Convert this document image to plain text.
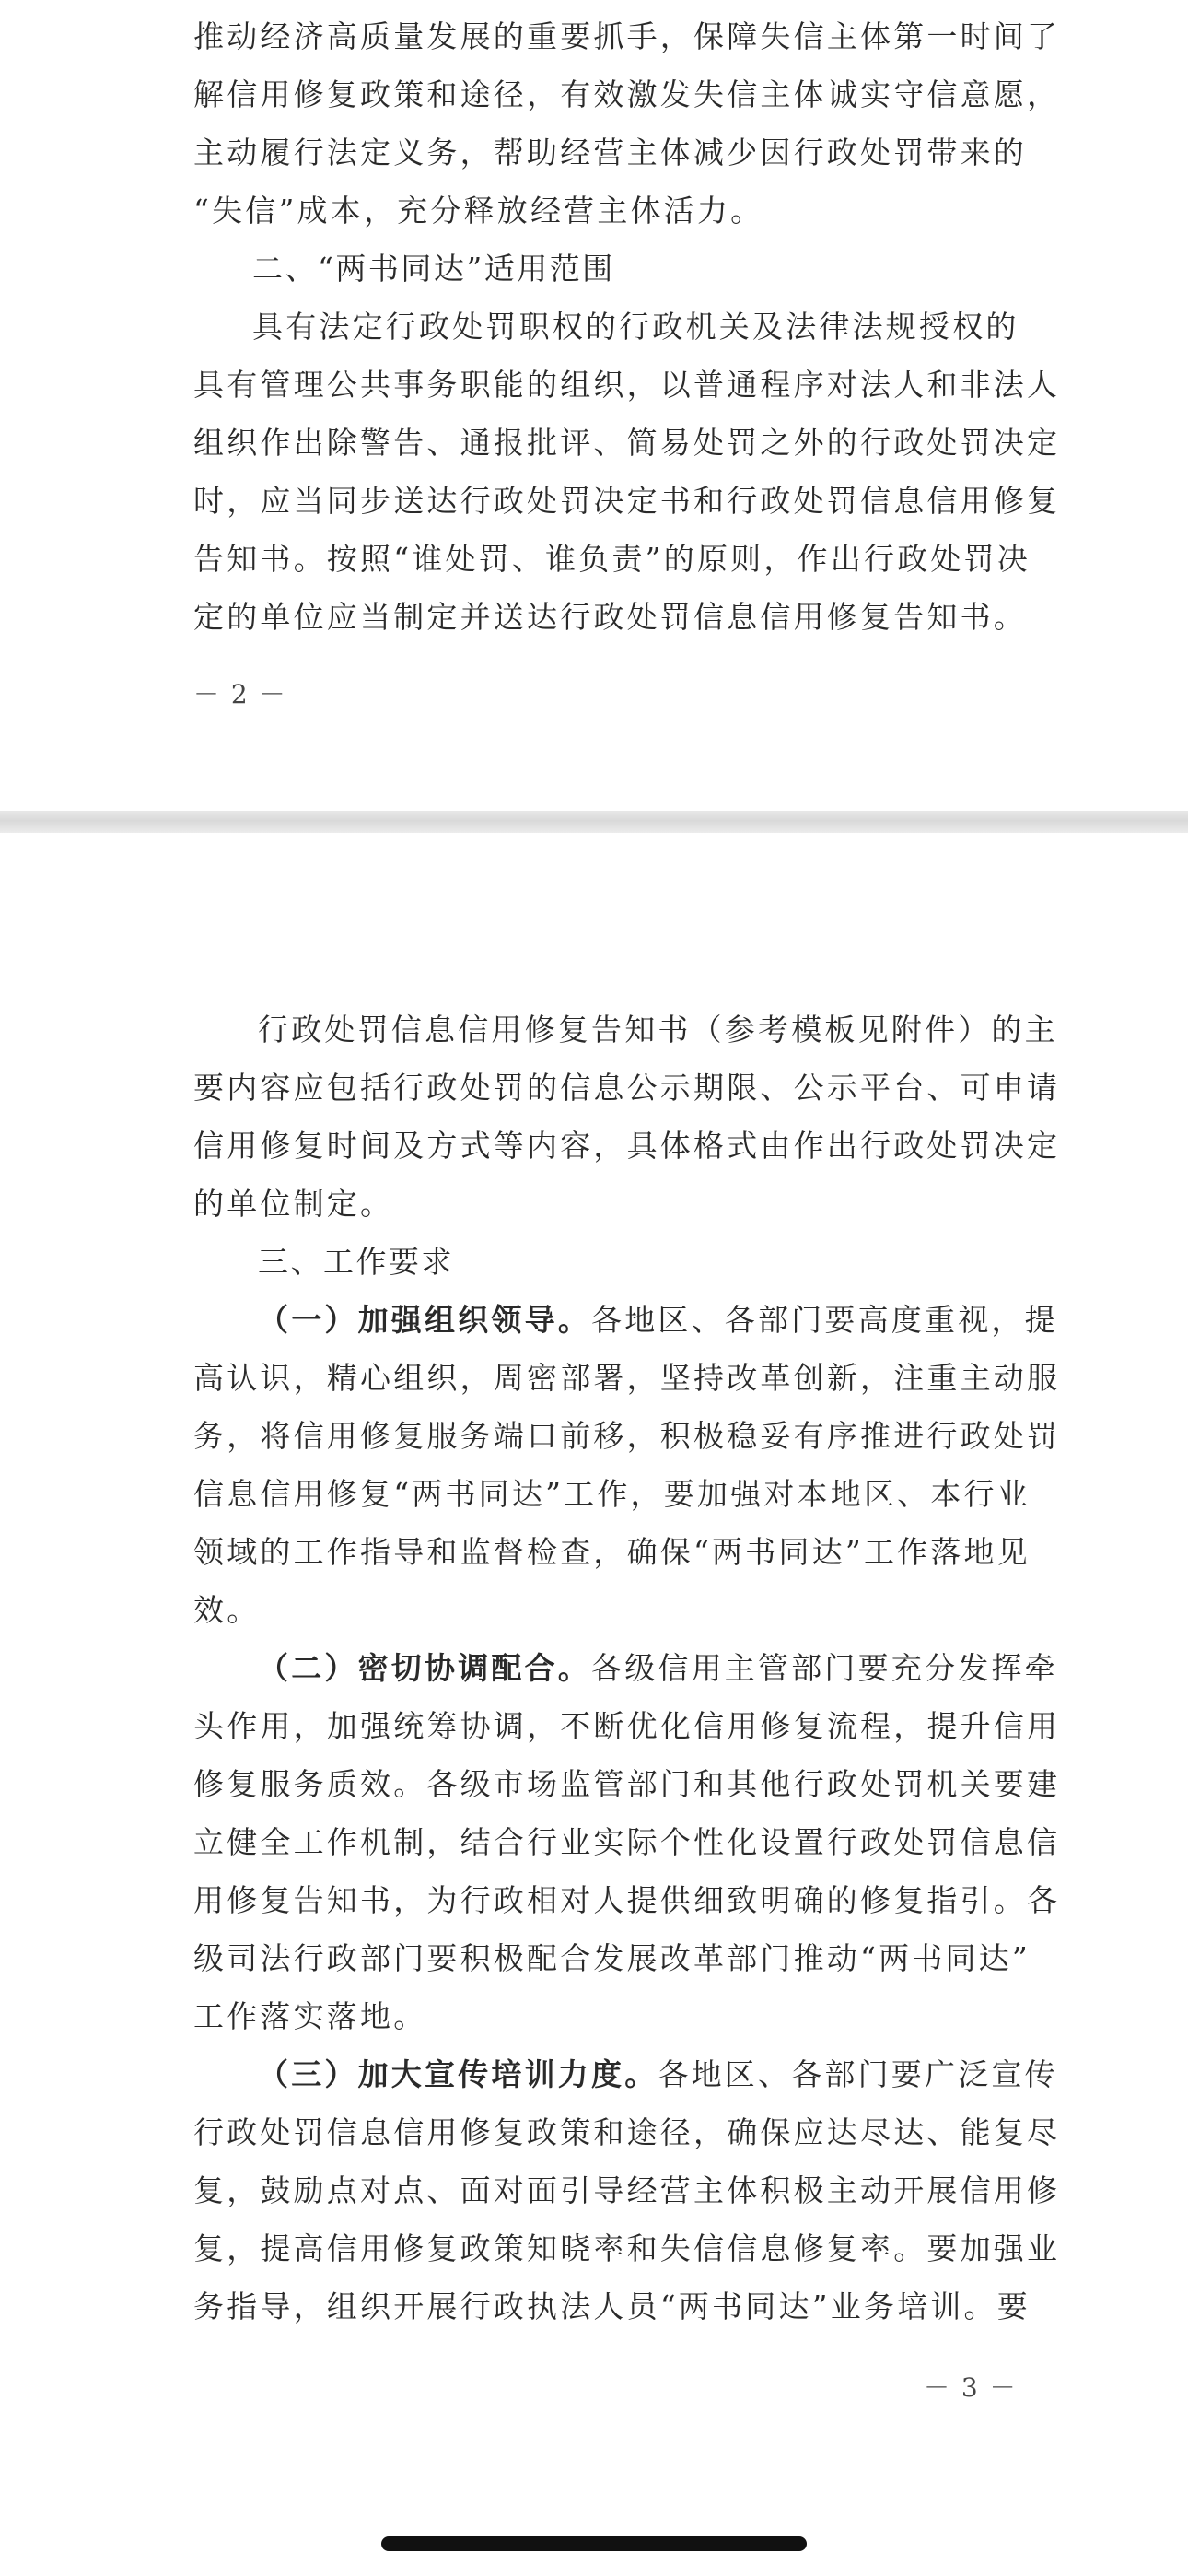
推动经济高质量发展的重要抓手，保障失信主体第一时间了
解信用修复政策和途径，有效激发失信主体诚实守信意愿，
主动履行法定义务，帮助经营主体减少因行政处罚带来的
“失信”成本，充分释放经营主体活力。
二、“两书同达”适用范围
具有法定行政处罚职权的行政机关及法律法规授权的
具有管理公共事务职能的组织，以普通程序对法人和非法人
组织作出除警告、通报批评、简易处罚之外的行政处罚决定
时，应当同步送达行政处罚决定书和行政处罚信息信用修复
告知书。按照“谁处罚、谁负责”的原则，作出行政处罚决
定的单位应当制定并送达行政处罚信息信用修复告知书。
－ 2 －
行政处罚信息信用修复告知书（参考模板见附件）的主
要内容应包括行政处罚的信息公示期限、公示平台、可申请
信用修复时间及方式等内容，具体格式由作出行政处罚决定
的单位制定。
三、工作要求
（一）加强组织领导。各地区、各部门要高度重视，提
高认识，精心组织，周密部署，坚持改革创新，注重主动服
务，将信用修复服务端口前移，积极稳妥有序推进行政处罚
信息信用修复“两书同达”工作，要加强对本地区、本行业
领域的工作指导和监督检查，确保“两书同达”工作落地见
效。
（二）密切协调配合。各级信用主管部门要充分发挥牵
头作用，加强统筹协调，不断优化信用修复流程，提升信用
修复服务质效。各级市场监管部门和其他行政处罚机关要建
立健全工作机制，结合行业实际个性化设置行政处罚信息信
用修复告知书，为行政相对人提供细致明确的修复指引。各
级司法行政部门要积极配合发展改革部门推动“两书同达”
工作落实落地。
（三）加大宣传培训力度。各地区、各部门要广泛宣传
行政处罚信息信用修复政策和途径，确保应达尽达、能复尽
复，鼓励点对点、面对面引导经营主体积极主动开展信用修
复，提高信用修复政策知晓率和失信信息修复率。要加强业
务指导，组织开展行政执法人员“两书同达”业务培训。要
－ 3 －
